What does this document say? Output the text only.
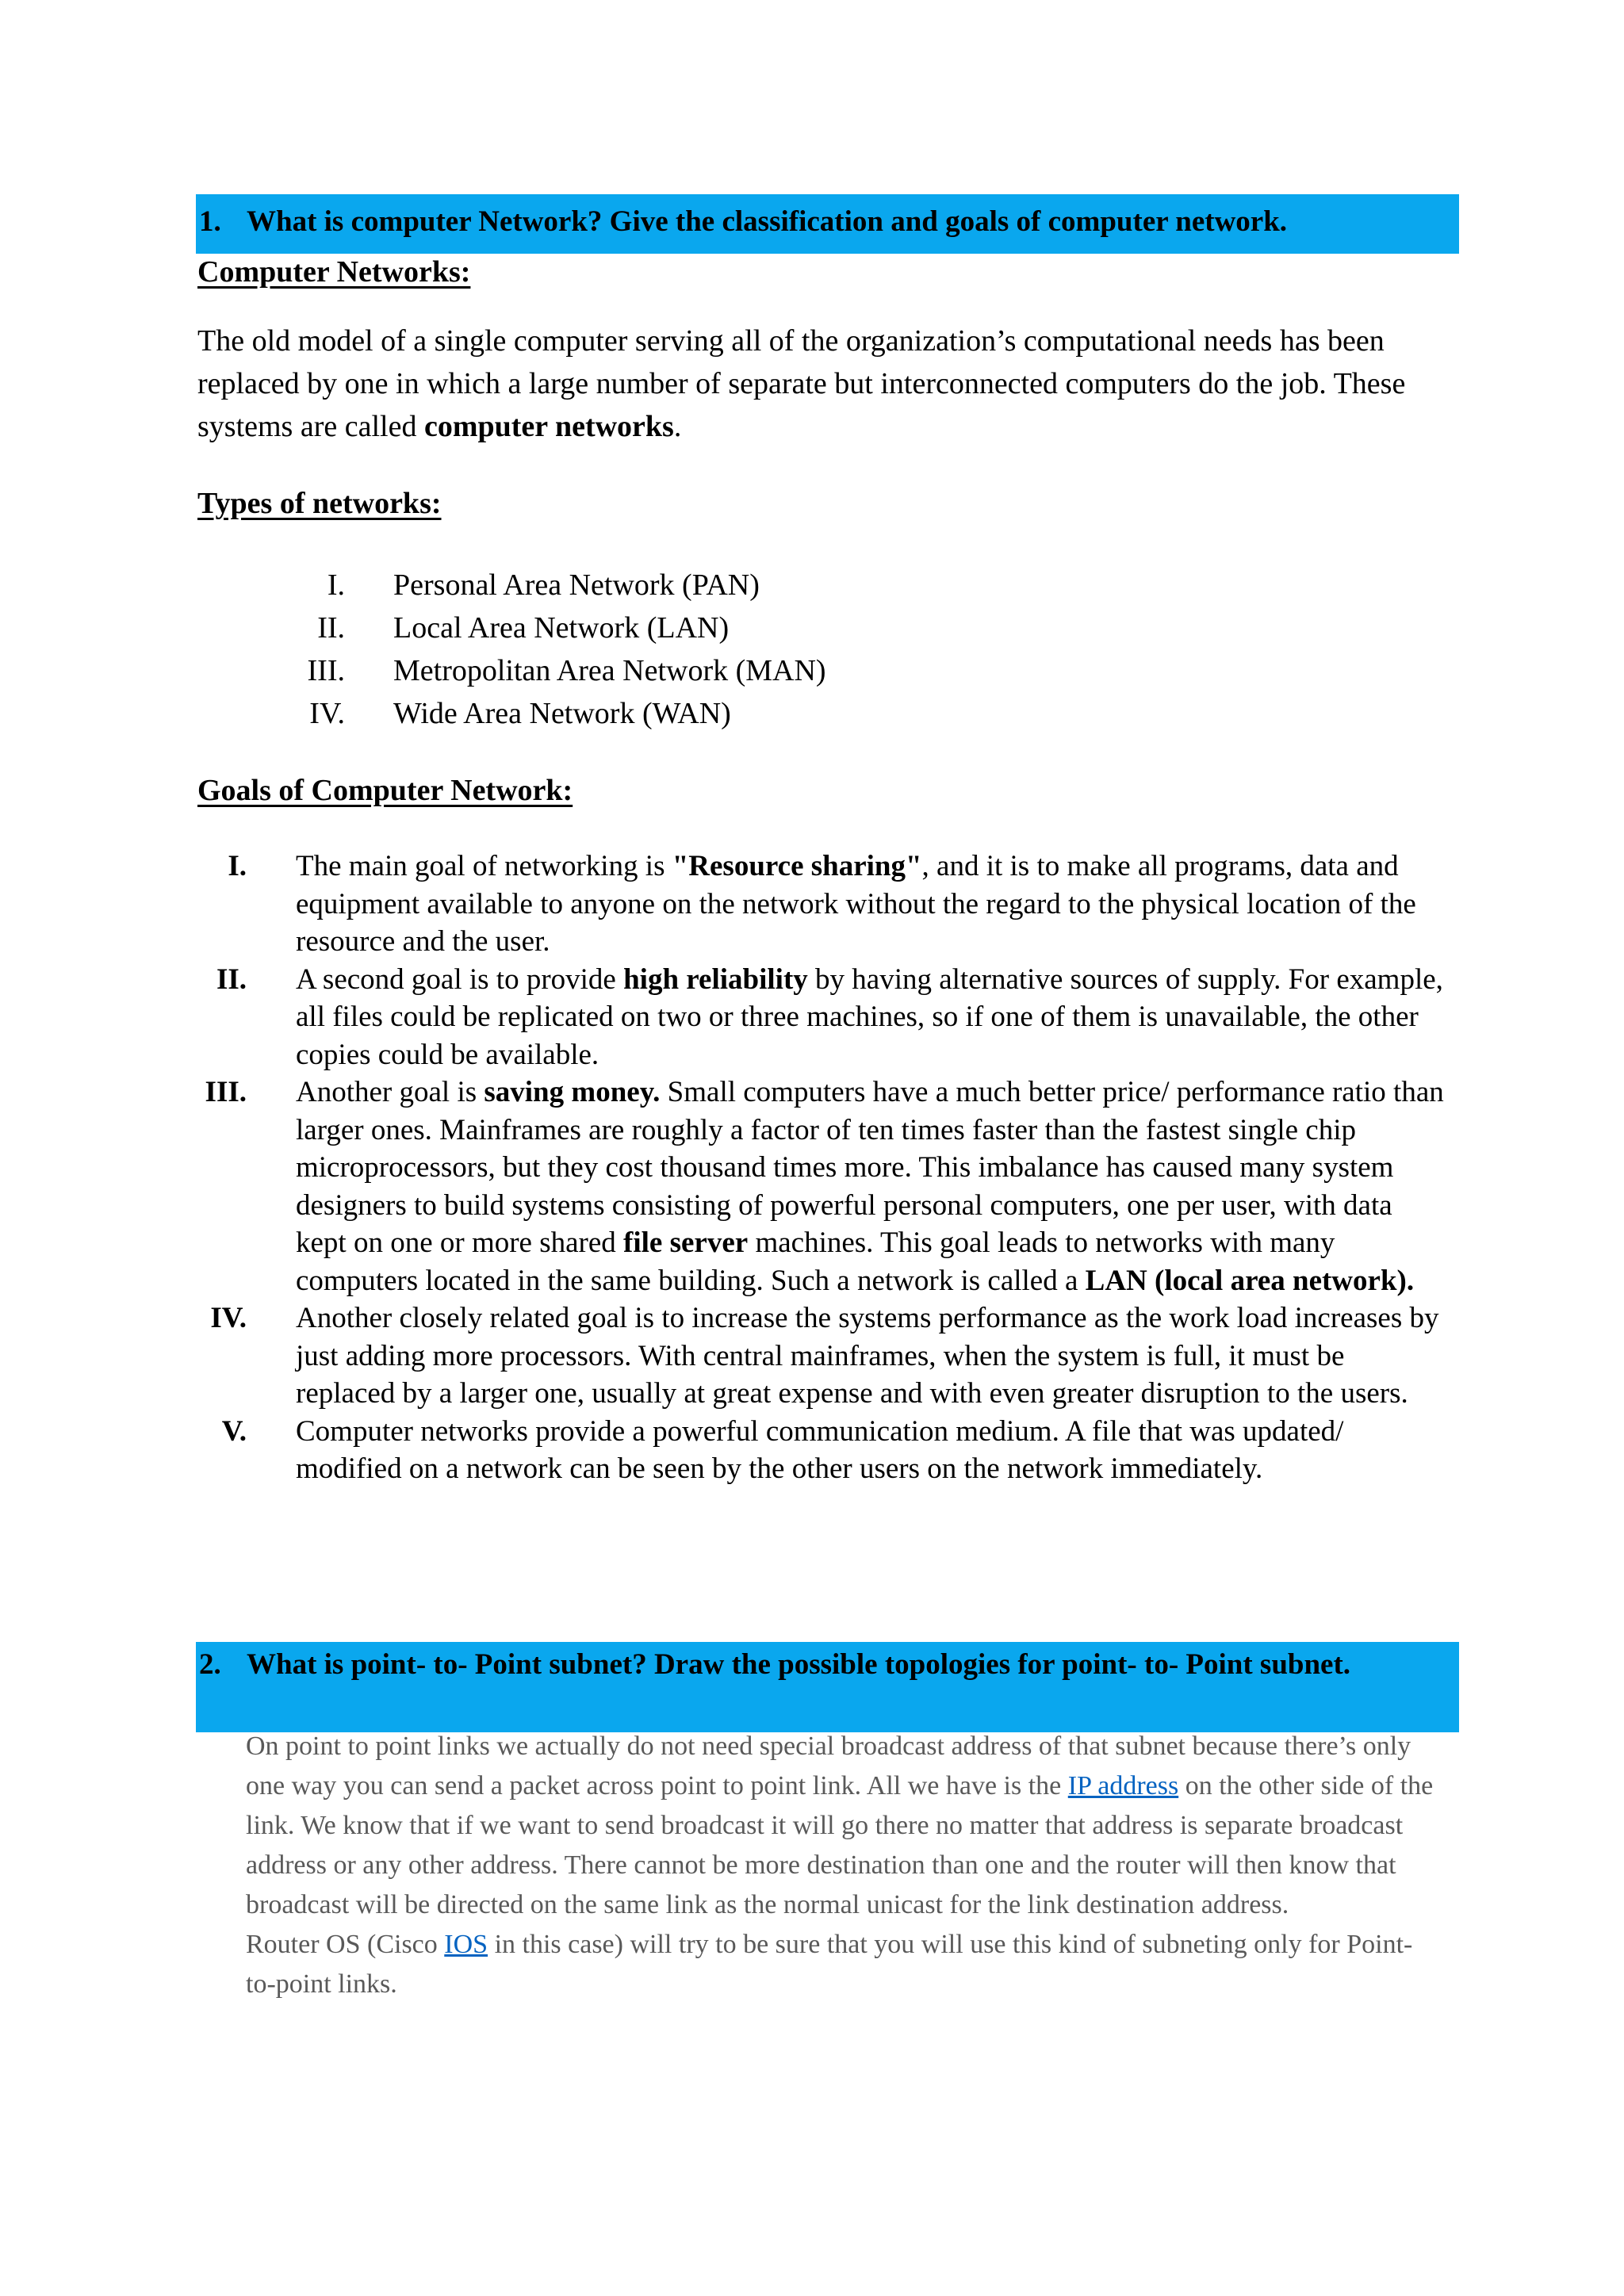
1. What is computer Network? Give the classification and goals of computer network.
Computer Networks:
The old model of a single computer serving all of the organization’s computational needs has been replaced by one in which a large number of separate but interconnected computers do the job. These systems are called computer networks.
Types of networks:
I. Personal Area Network (PAN)
II. Local Area Network (LAN)
III. Metropolitan Area Network (MAN)
IV. Wide Area Network (WAN)
Goals of Computer Network:
I. The main goal of networking is "Resource sharing", and it is to make all programs, data and equipment available to anyone on the network without the regard to the physical location of the resource and the user.
II. A second goal is to provide high reliability by having alternative sources of supply. For example, all files could be replicated on two or three machines, so if one of them is unavailable, the other copies could be available.
III. Another goal is saving money. Small computers have a much better price/ performance ratio than larger ones. Mainframes are roughly a factor of ten times faster than the fastest single chip microprocessors, but they cost thousand times more. This imbalance has caused many system designers to build systems consisting of powerful personal computers, one per user, with data kept on one or more shared file server machines. This goal leads to networks with many computers located in the same building. Such a network is called a LAN (local area network).
IV. Another closely related goal is to increase the systems performance as the work load increases by just adding more processors. With central mainframes, when the system is full, it must be replaced by a larger one, usually at great expense and with even greater disruption to the users.
V. Computer networks provide a powerful communication medium. A file that was updated/ modified on a network can be seen by the other users on the network immediately.
2. What is point- to- Point subnet? Draw the possible topologies for point- to- Point subnet.

On point to point links we actually do not need special broadcast address of that subnet because there’s only one way you can send a packet across point to point link. All we have is the IP address on the other side of the link. We know that if we want to send broadcast it will go there no matter that address is separate broadcast address or any other address. There cannot be more destination than one and the router will then know that broadcast will be directed on the same link as the normal unicast for the link destination address.

Router OS (Cisco IOS in this case) will try to be sure that you will use this kind of subneting only for Point-to-point links.
